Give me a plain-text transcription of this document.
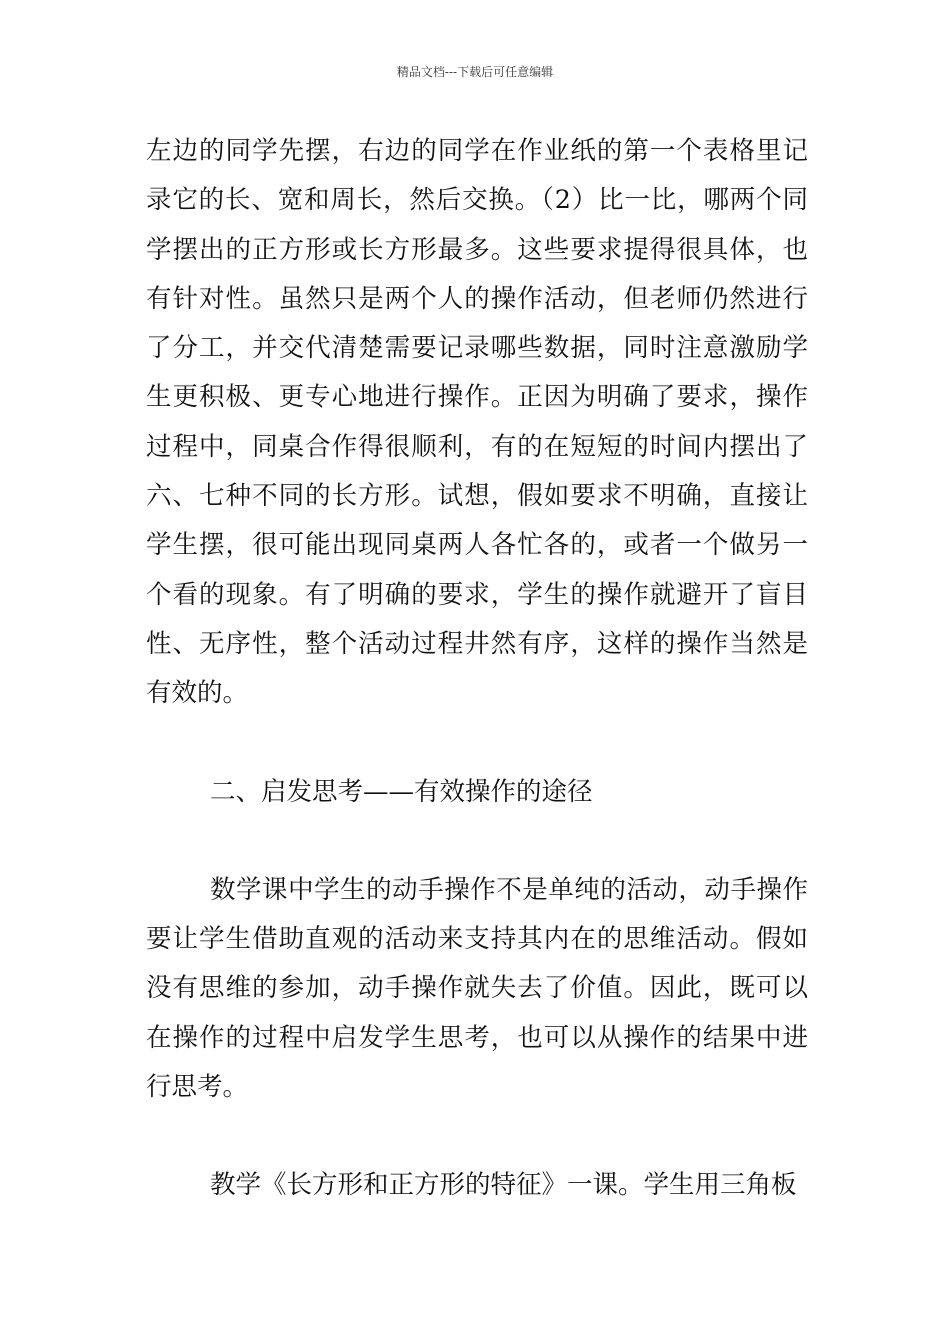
精品文档---下载后可任意编辑

左边的同学先摆，右边的同学在作业纸的第一个表格里记录它的长、宽和周长，然后交换。（2）比一比，哪两个同学摆出的正方形或长方形最多。这些要求提得很具体，也有针对性。虽然只是两个人的操作活动，但老师仍然进行了分工，并交代清楚需要记录哪些数据，同时注意激励学生更积极、更专心地进行操作。正因为明确了要求，操作过程中，同桌合作得很顺利，有的在短短的时间内摆出了六、七种不同的长方形。试想，假如要求不明确，直接让学生摆，很可能出现同桌两人各忙各的，或者一个做另一个看的现象。有了明确的要求，学生的操作就避开了盲目性、无序性，整个活动过程井然有序，这样的操作当然是有效的。

二、启发思考——有效操作的途径

数学课中学生的动手操作不是单纯的活动，动手操作要让学生借助直观的活动来支持其内在的思维活动。假如没有思维的参加，动手操作就失去了价值。因此，既可以在操作的过程中启发学生思考，也可以从操作的结果中进行思考。

教学《长方形和正方形的特征》一课。学生用三角板
